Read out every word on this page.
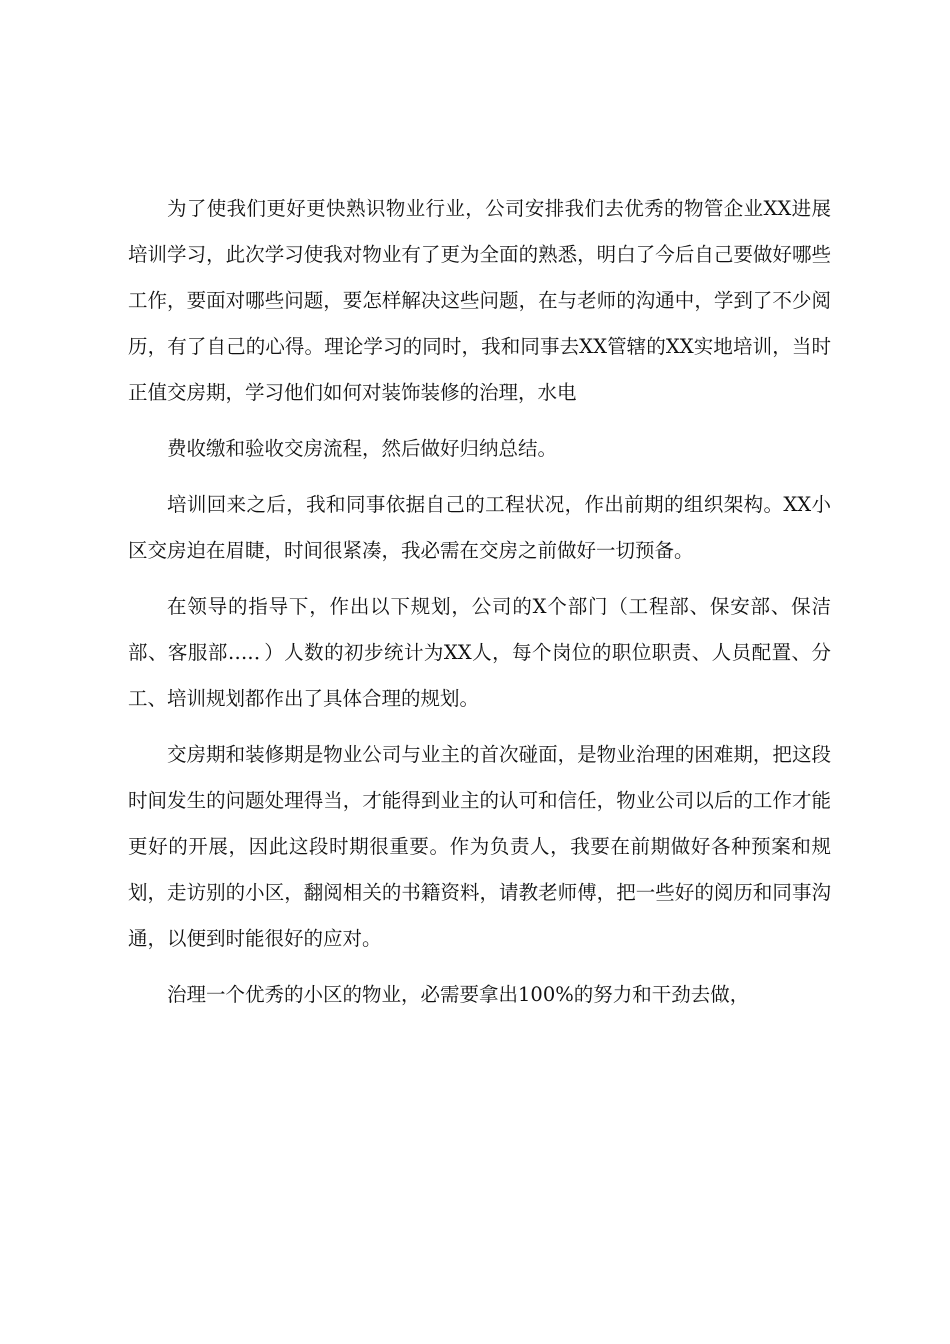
为了使我们更好更快熟识物业行业，公司安排我们去优秀的物管企业XX进展培训学习，此次学习使我对物业有了更为全面的熟悉，明白了今后自己要做好哪些工作，要面对哪些问题，要怎样解决这些问题，在与老师的沟通中，学到了不少阅历，有了自己的心得。理论学习的同时，我和同事去XX管辖的XX实地培训，当时正值交房期，学习他们如何对装饰装修的治理，水电

费收缴和验收交房流程，然后做好归纳总结。

培训回来之后，我和同事依据自己的工程状况，作出前期的组织架构。XX小区交房迫在眉睫，时间很紧凑，我必需在交房之前做好一切预备。

在领导的指导下，作出以下规划，公司的X个部门（工程部、保安部、保洁部、客服部….．）人数的初步统计为XX人，每个岗位的职位职责、人员配置、分工、培训规划都作出了具体合理的规划。

交房期和装修期是物业公司与业主的首次碰面，是物业治理的困难期，把这段时间发生的问题处理得当，才能得到业主的认可和信任，物业公司以后的工作才能更好的开展，因此这段时期很重要。作为负责人，我要在前期做好各种预案和规划，走访别的小区，翻阅相关的书籍资料，请教老师傅，把一些好的阅历和同事沟通，以便到时能很好的应对。

治理一个优秀的小区的物业，必需要拿出100%的努力和干劲去做，
